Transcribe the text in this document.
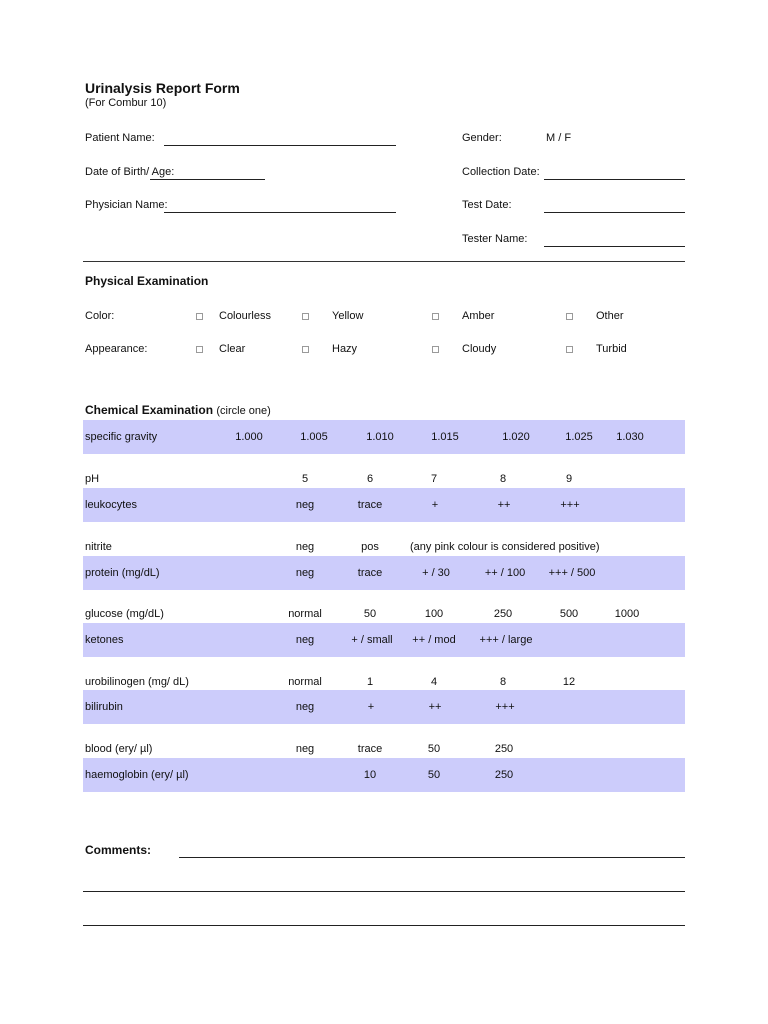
Urinalysis Report Form
(For Combur 10)
Patient Name:	Gender:	M / F
Date of Birth/ Age:	Collection Date:
Physician Name:	Test Date:
Tester Name:
Physical Examination
Color:	Colourless	Yellow	Amber	Other
Appearance:	Clear	Hazy	Cloudy	Turbid
Chemical Examination (circle one)
specific gravity	1.000	1.005	1.010	1.015	1.020	1.025 1.030
pH	5	6	7	8	9
leukocytes	neg	trace	+	++	+++
nitrite	neg	pos	(any pink colour is considered positive)
protein (mg/dL)	neg	trace	+ / 30	++ / 100 +++ / 500
glucose (mg/dL)	normal	50	100	250	500	1000
ketones	neg	+ / small ++ / mod +++ / large
urobilinogen (mg/ dL)	normal	1	4	8	12
bilirubin	neg	+	++	+++
blood (ery/ µl)	neg	trace	50	250
haemoglobin (ery/ µl)	10	50	250
Comments:
